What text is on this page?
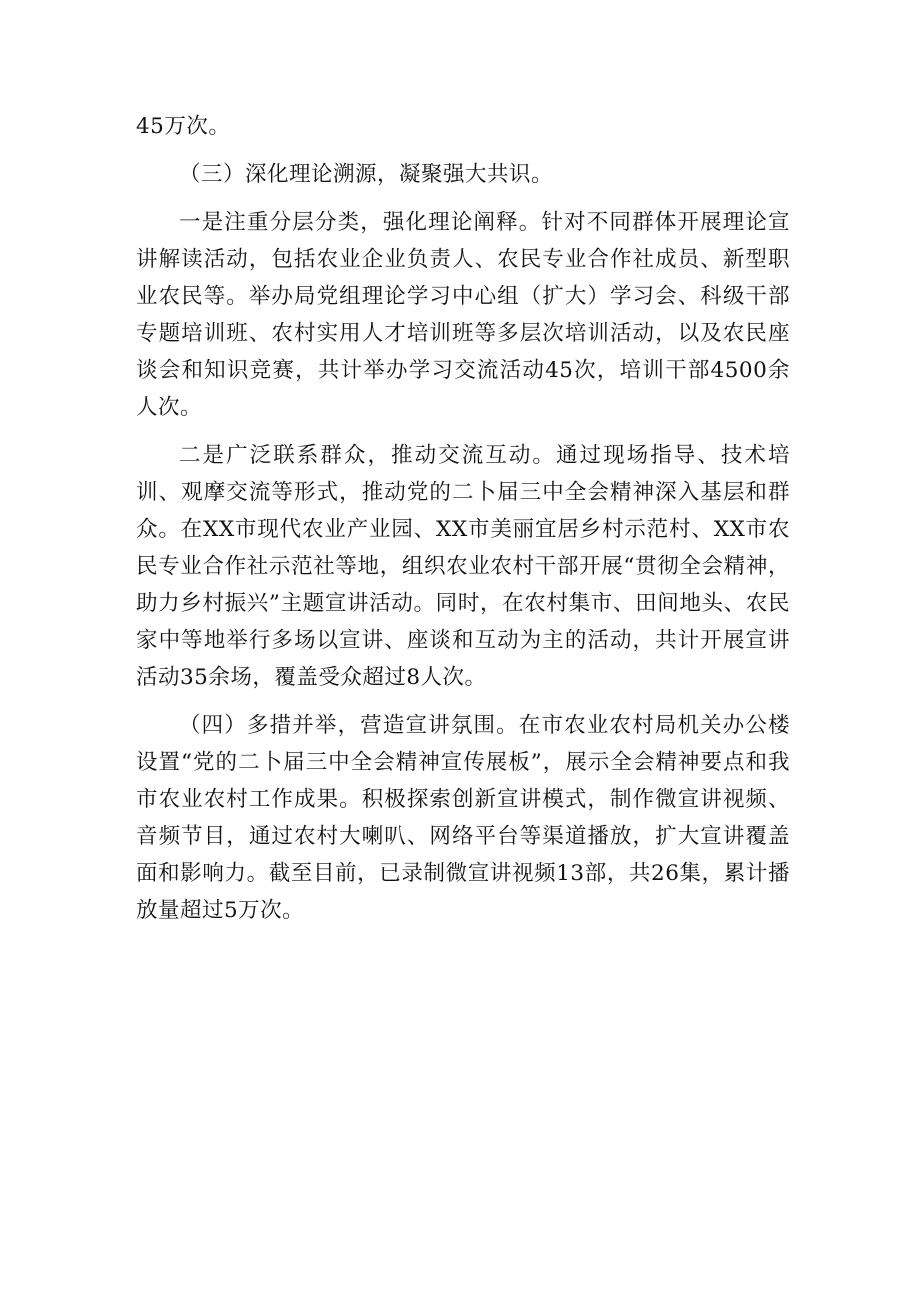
45万次。

（三）深化理论溯源，凝聚强大共识。

一是注重分层分类，强化理论阐释。针对不同群体开展理论宣讲解读活动，包括农业企业负责人、农民专业合作社成员、新型职业农民等。举办局党组理论学习中心组（扩大）学习会、科级干部专题培训班、农村实用人才培训班等多层次培训活动，以及农民座谈会和知识竞赛，共计举办学习交流活动45次，培训干部4500余人次。

二是广泛联系群众，推动交流互动。通过现场指导、技术培训、观摩交流等形式，推动党的二卜届三中全会精神深入基层和群众。在XX市现代农业产业园、XX市美丽宜居乡村示范村、XX市农民专业合作社示范社等地，组织农业农村干部开展“贯彻全会精神，助力乡村振兴”主题宣讲活动。同时，在农村集市、田间地头、农民家中等地举行多场以宣讲、座谈和互动为主的活动，共计开展宣讲活动35余场，覆盖受众超过8人次。

（四）多措并举，营造宣讲氛围。在市农业农村局机关办公楼设置“党的二卜届三中全会精神宣传展板”，展示全会精神要点和我市农业农村工作成果。积极探索创新宣讲模式，制作微宣讲视频、音频节目，通过农村大喇叭、网络平台等渠道播放，扩大宣讲覆盖面和影响力。截至目前，已录制微宣讲视频13部，共26集，累计播放量超过5万次。
